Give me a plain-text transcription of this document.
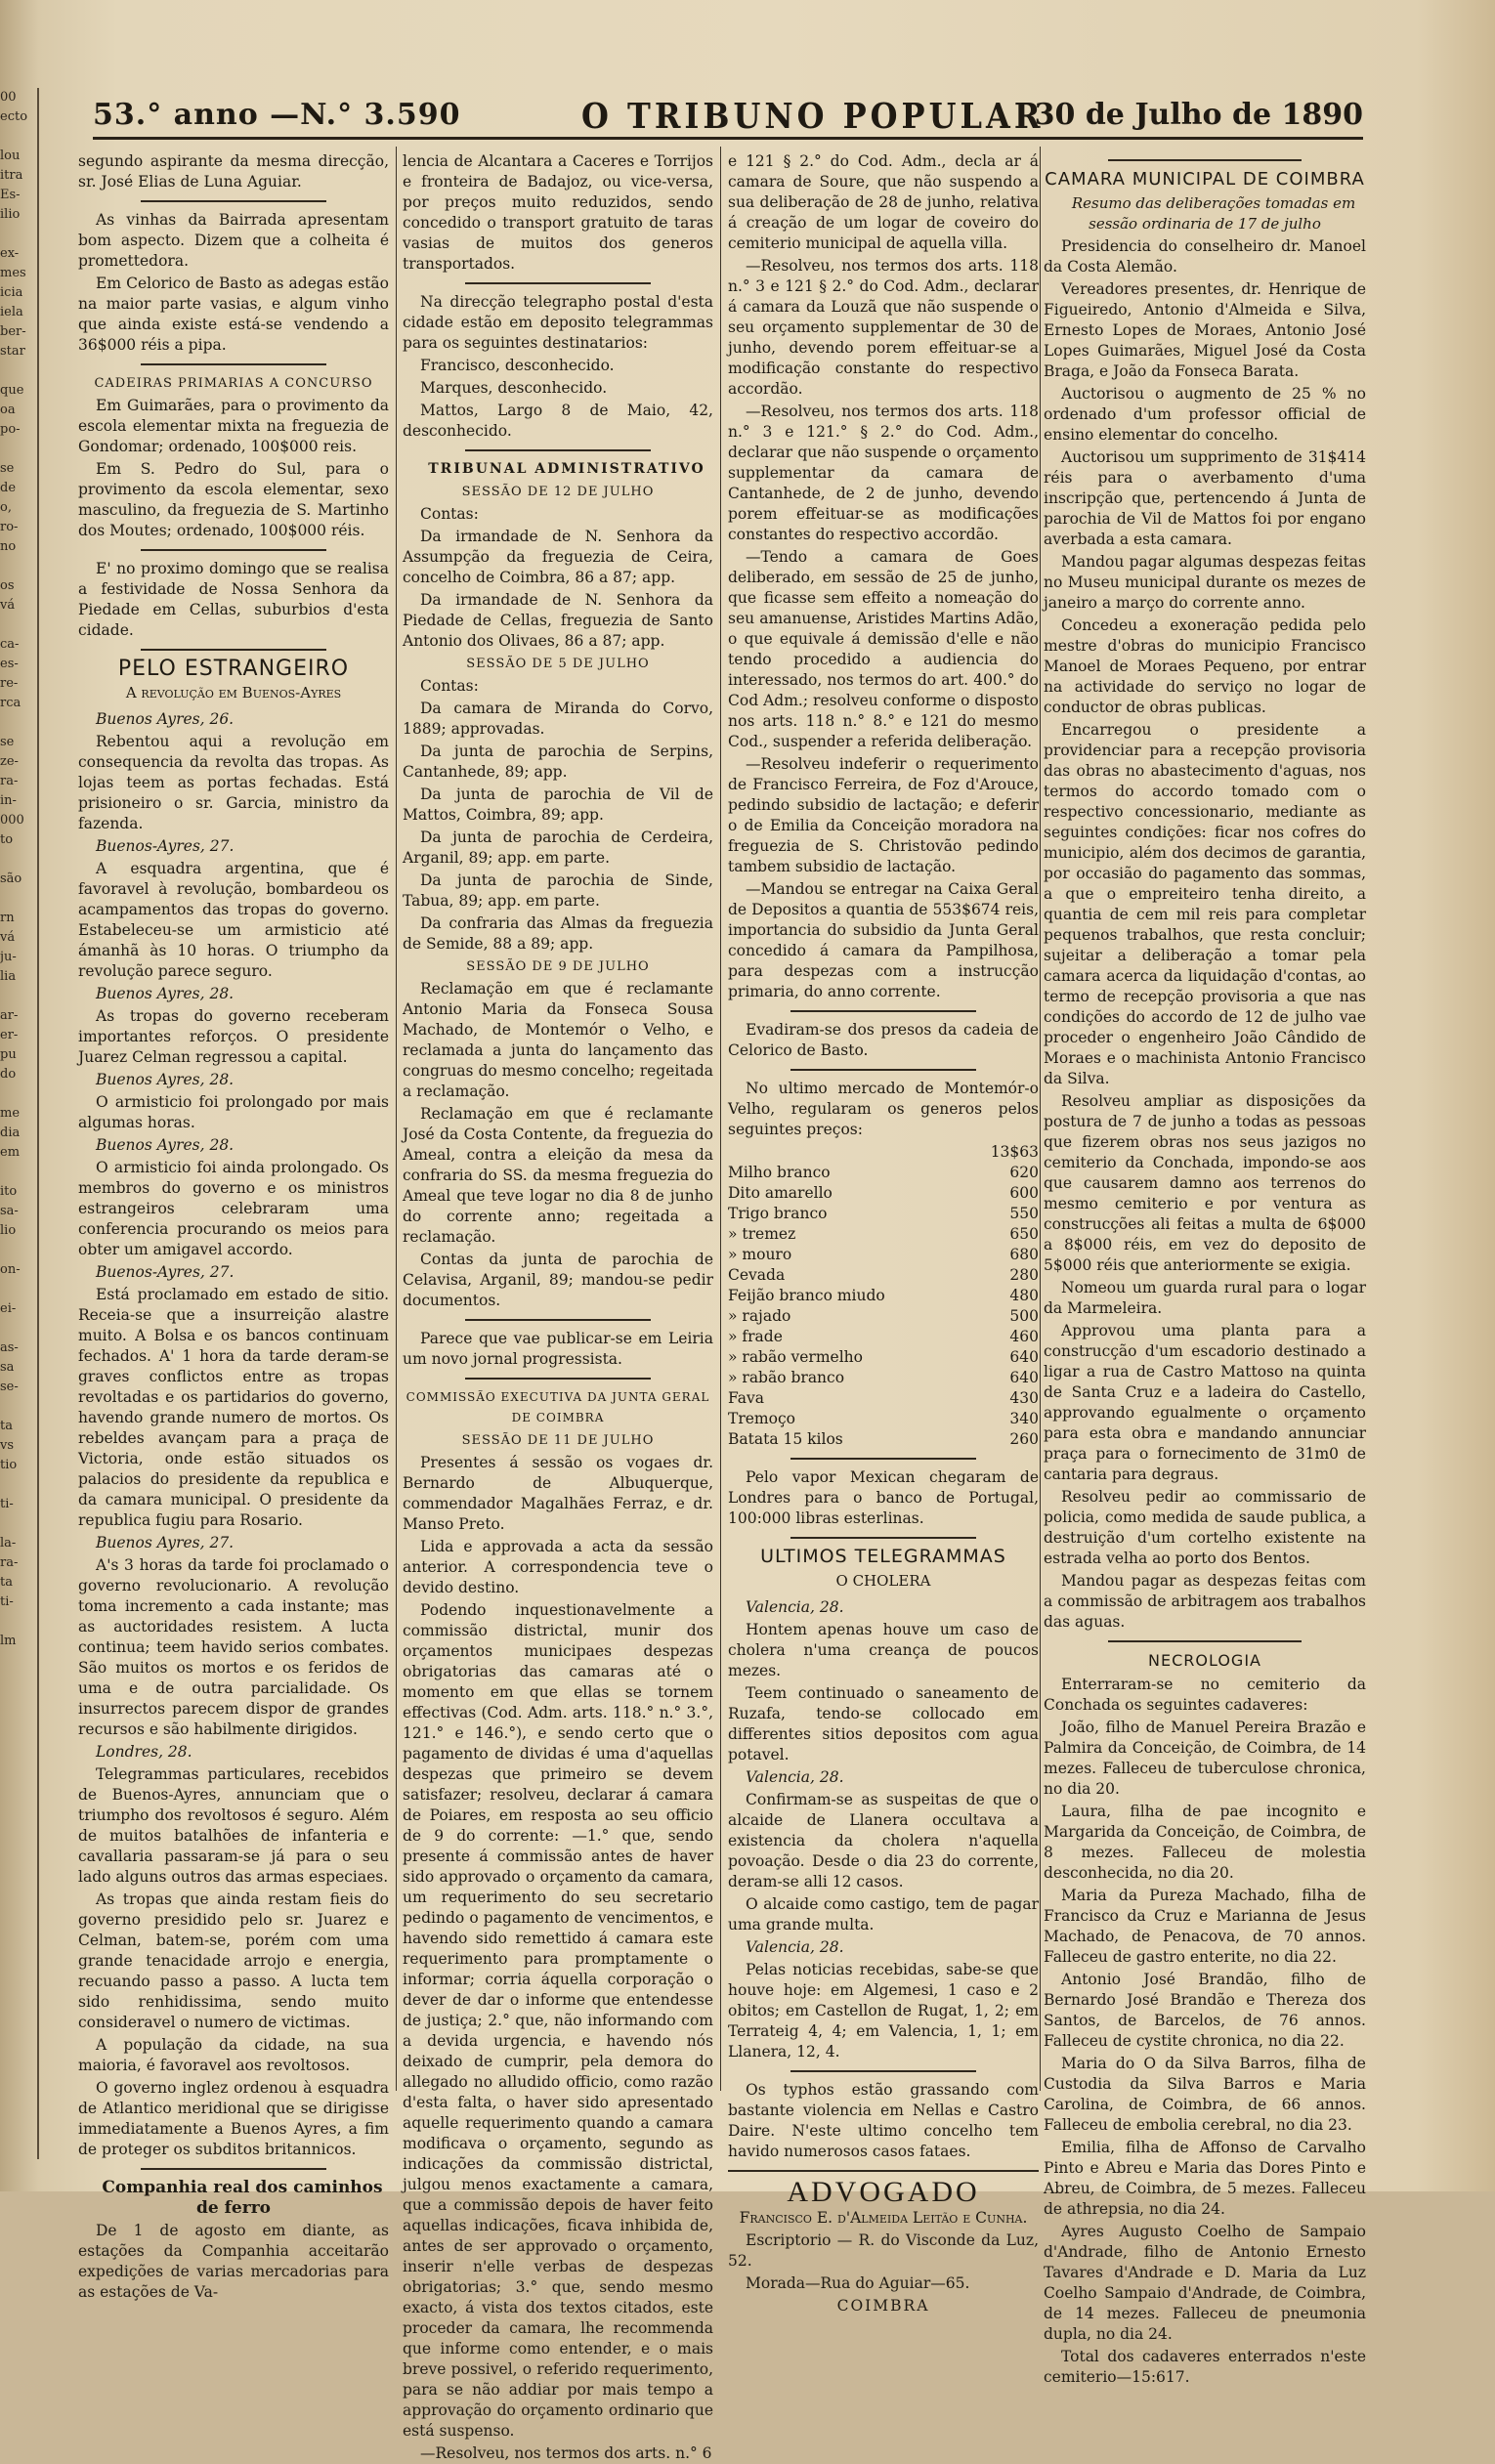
00
ecto

lou
itra
Es-
ilio

ex-
mes
icia
iela
ber-
star

que
oa
po-

se
de
o,
ro-
no

os
vá

ca-
es-
re-
rca

se
ze-
ra-
in-
000
to

são

rn
vá
ju-
lia

ar-
er-
pu
do

me
dia
em

ito
sa-
lio

on-

ei-

as-
sa
se-

ta
vs
tio

ti-

la-
ra-
ta
ti-

lm
53.° anno —N.° 3.590	O TRIBUNO POPULAR
30 de Julho de 1890

segundo aspirante da mesma direcção, sr. José Elias de Luna Aguiar.

As vinhas da Bairrada apresentam bom aspecto. Dizem que a colheita é promettedora.

Em Celorico de Basto as adegas estão na maior parte vasias, e algum vinho que ainda existe está-se vendendo a 36$000 réis a pipa.

CADEIRAS PRIMARIAS A CONCURSO

Em Guimarães, para o provimento da escola elementar mixta na freguezia de Gondomar; ordenado, 100$000 reis.

Em S. Pedro do Sul, para o provimento da escola elementar, sexo masculino, da freguezia de S. Martinho dos Moutes; ordenado, 100$000 réis.

E' no proximo domingo que se realisa a festividade de Nossa Senhora da Piedade em Cellas, suburbios d'esta cidade.

PELO ESTRANGEIRO
A revolução em Buenos-Ayres

Buenos Ayres, 26.

Rebentou aqui a revolução em consequencia da revolta das tropas. As lojas teem as portas fechadas. Está prisioneiro o sr. Garcia, ministro da fazenda.

Buenos-Ayres, 27.

A esquadra argentina, que é favoravel à revolução, bombardeou os acampamentos das tropas do governo. Estabeleceu-se um armisticio até ámanhã às 10 horas. O triumpho da revolução parece seguro.

Buenos Ayres, 28.

As tropas do governo receberam importantes reforços. O presidente Juarez Celman regressou a capital.

Buenos Ayres, 28.

O armisticio foi prolongado por mais algumas horas.

Buenos Ayres, 28.

O armisticio foi ainda prolongado. Os membros do governo e os ministros estrangeiros celebraram uma conferencia procurando os meios para obter um amigavel accordo.

Buenos-Ayres, 27.

Está proclamado em estado de sitio. Receia-se que a insurreição alastre muito. A Bolsa e os bancos continuam fechados. A' 1 hora da tarde deram-se graves conflictos entre as tropas revoltadas e os partidarios do governo, havendo grande numero de mortos. Os rebeldes avançam para a praça de Victoria, onde estão situados os palacios do presidente da republica e da camara municipal. O presidente da republica fugiu para Rosario.

Buenos Ayres, 27.

A's 3 horas da tarde foi proclamado o governo revolucionario. A revolução toma incremento a cada instante; mas as auctoridades resistem. A lucta continua; teem havido serios combates. São muitos os mortos e os feridos de uma e de outra parcialidade. Os insurrectos parecem dispor de grandes recursos e são habilmente dirigidos.

Londres, 28.

Telegrammas particulares, recebidos de Buenos-Ayres, annunciam que o triumpho dos revoltosos é seguro. Além de muitos batalhões de infanteria e cavallaria passaram-se já para o seu lado alguns outros das armas especiaes.

As tropas que ainda restam fieis do governo presidido pelo sr. Juarez e Celman, batem-se, porém com uma grande tenacidade arrojo e energia, recuando passo a passo. A lucta tem sido renhidissima, sendo muito consideravel o numero de victimas.

A população da cidade, na sua maioria, é favoravel aos revoltosos.

O governo inglez ordenou à esquadra de Atlantico meridional que se dirigisse immediatamente a Buenos Ayres, a fim de proteger os subditos britannicos.

Companhia real dos caminhos de ferro

De 1 de agosto em diante, as estações da Companhia acceitarão expedições de varias mercadorias para as estações de Va-

lencia de Alcantara a Caceres e Torrijos e fronteira de Badajoz, ou vice-versa, por preços muito reduzidos, sendo concedido o transport gratuito de taras vasias de muitos dos generos transportados.

Na direcção telegrapho postal d'esta cidade estão em deposito telegrammas para os seguintes destinatarios:

Francisco, desconhecido.

Marques, desconhecido.

Mattos, Largo 8 de Maio, 42, desconhecido.

TRIBUNAL ADMINISTRATIVO

SESSÃO DE 12 DE JULHO

Contas:

Da irmandade de N. Senhora da Assumpção da freguezia de Ceira, concelho de Coimbra, 86 a 87; app.

Da irmandade de N. Senhora da Piedade de Cellas, freguezia de Santo Antonio dos Olivaes, 86 a 87; app.

SESSÃO DE 5 DE JULHO

Contas:

Da camara de Miranda do Corvo, 1889; approvadas.

Da junta de parochia de Serpins, Cantanhede, 89; app.

Da junta de parochia de Vil de Mattos, Coimbra, 89; app.

Da junta de parochia de Cerdeira, Arganil, 89; app. em parte.

Da junta de parochia de Sinde, Tabua, 89; app. em parte.

Da confraria das Almas da freguezia de Semide, 88 a 89; app.

SESSÃO DE 9 DE JULHO

Reclamação em que é reclamante Antonio Maria da Fonseca Sousa Machado, de Montemór o Velho, e reclamada a junta do lançamento das congruas do mesmo concelho; regeitada a reclamação.

Reclamação em que é reclamante José da Costa Contente, da freguezia do Ameal, contra a eleição da mesa da confraria do SS. da mesma freguezia do Ameal que teve logar no dia 8 de junho do corrente anno; regeitada a reclamação.

Contas da junta de parochia de Celavisa, Arganil, 89; mandou-se pedir documentos.

Parece que vae publicar-se em Leiria um novo jornal progressista.

COMMISSÃO EXECUTIVA DA JUNTA GERAL DE COIMBRA

SESSÃO DE 11 DE JULHO

Presentes á sessão os vogaes dr. Bernardo de Albuquerque, commendador Magalhães Ferraz, e dr. Manso Preto.

Lida e approvada a acta da sessão anterior. A correspondencia teve o devido destino.

Podendo inquestionavelmente a commissão districtal, munir dos orçamentos municipaes despezas obrigatorias das camaras até o momento em que ellas se tornem effectivas (Cod. Adm. arts. 118.° n.° 3.°, 121.° e 146.°), e sendo certo que o pagamento de dividas é uma d'aquellas despezas que primeiro se devem satisfazer; resolveu, declarar á camara de Poiares, em resposta ao seu officio de 9 do corrente: —1.° que, sendo presente á commissão antes de haver sido approvado o orçamento da camara, um requerimento do seu secretario pedindo o pagamento de vencimentos, e havendo sido remettido á camara este requerimento para promptamente o informar; corria áquella corporação o dever de dar o informe que entendesse de justiça; 2.° que, não informando com a devida urgencia, e havendo nós deixado de cumprir, pela demora do allegado no alludido officio, como razão d'esta falta, o haver sido apresentado aquelle requerimento quando a camara modificava o orçamento, segundo as indicações da commissão districtal, julgou menos exactamente a camara, que a commissão depois de haver feito aquellas indicações, ficava inhibida de, antes de ser approvado o orçamento, inserir n'elle verbas de despezas obrigatorias; 3.° que, sendo mesmo exacto, á vista dos textos citados, este proceder da camara, lhe recommenda que informe como entender, e o mais breve possivel, o referido requerimento, para se não addiar por mais tempo a approvação do orçamento ordinario que está suspenso.

—Resolveu, nos termos dos arts. n.° 6

e 121 § 2.° do Cod. Adm., decla ar á camara de Soure, que não suspendo a sua deliberação de 28 de junho, relativa á creação de um logar de coveiro do cemiterio municipal de aquella villa.

—Resolveu, nos termos dos arts. 118 n.° 3 e 121 § 2.° do Cod. Adm., declarar á camara da Louzã que não suspende o seu orçamento supplementar de 30 de junho, devendo porem effeituar-se a modificação constante do respectivo accordão.

—Resolveu, nos termos dos arts. 118 n.° 3 e 121.° § 2.° do Cod. Adm., declarar que não suspende o orçamento supplementar da camara de Cantanhede, de 2 de junho, devendo porem effeituar-se as modificações constantes do respectivo accordão.

—Tendo a camara de Goes deliberado, em sessão de 25 de junho, que ficasse sem effeito a nomeação do seu amanuense, Aristides Martins Adão, o que equivale á demissão d'elle e não tendo procedido a audiencia do interessado, nos termos do art. 400.° do Cod Adm.; resolveu conforme o disposto nos arts. 118 n.° 8.° e 121 do mesmo Cod., suspender a referida deliberação.

—Resolveu indeferir o requerimento de Francisco Ferreira, de Foz d'Arouce, pedindo subsidio de lactação; e deferir o de Emilia da Conceição moradora na freguezia de S. Christovão pedindo tambem subsidio de lactação.

—Mandou se entregar na Caixa Geral de Depositos a quantia de 553$674 reis, importancia do subsidio da Junta Geral concedido á camara da Pampilhosa, para despezas com a instrucção primaria, do anno corrente.

Evadiram-se dos presos da cadeia de Celorico de Basto.

No ultimo mercado de Montemór-o Velho, regularam os generos pelos seguintes preços:

	13$63
Milho branco	620
Dito amarello	600
Trigo branco	550
» tremez	650
» mouro	680
Cevada	280
Feijão branco miudo	480
» rajado	500
» frade	460
» rabão vermelho	640
» rabão branco	640
Fava	430
Tremoço	340
Batata 15 kilos	260

Pelo vapor Mexican chegaram de Londres para o banco de Portugal, 100:000 libras esterlinas.

ULTIMOS TELEGRAMMAS
O CHOLERA

Valencia, 28.

Hontem apenas houve um caso de cholera n'uma creança de poucos mezes.

Teem continuado o saneamento de Ruzafa, tendo-se collocado em differentes sitios depositos com agua potavel.

Valencia, 28.

Confirmam-se as suspeitas de que o alcaide de Llanera occultava a existencia da cholera n'aquella povoação. Desde o dia 23 do corrente, deram-se alli 12 casos.

O alcaide como castigo, tem de pagar uma grande multa.

Valencia, 28.

Pelas noticias recebidas, sabe-se que houve hoje: em Algemesi, 1 caso e 2 obitos; em Castellon de Rugat, 1, 2; em Terrateig 4, 4; em Valencia, 1, 1; em Llanera, 12, 4.

Os typhos estão grassando com bastante violencia em Nellas e Castro Daire. N'este ultimo concelho tem havido numerosos casos fataes.

ADVOGADO

Francisco E. d'Almeida Leitão e Cunha.

Escriptorio — R. do Visconde da Luz, 52.

Morada—Rua do Aguiar—65.

COIMBRA

CAMARA MUNICIPAL DE COIMBRA

Resumo das deliberações tomadas em sessão ordinaria de 17 de julho

Presidencia do conselheiro dr. Manoel da Costa Alemão.

Vereadores presentes, dr. Henrique de Figueiredo, Antonio d'Almeida e Silva, Ernesto Lopes de Moraes, Antonio José Lopes Guimarães, Miguel José da Costa Braga, e João da Fonseca Barata.

Auctorisou o augmento de 25 % no ordenado d'um professor official de ensino elementar do concelho.

Auctorisou um supprimento de 31$414 réis para o averbamento d'uma inscripção que, pertencendo á Junta de parochia de Vil de Mattos foi por engano averbada a esta camara.

Mandou pagar algumas despezas feitas no Museu municipal durante os mezes de janeiro a março do corrente anno.

Concedeu a exoneração pedida pelo mestre d'obras do municipio Francisco Manoel de Moraes Pequeno, por entrar na actividade do serviço no logar de conductor de obras publicas.

Encarregou o presidente a providenciar para a recepção provisoria das obras no abastecimento d'aguas, nos termos do accordo tomado com o respectivo concessionario, mediante as seguintes condições: ficar nos cofres do municipio, além dos decimos de garantia, por occasião do pagamento das sommas, a que o empreiteiro tenha direito, a quantia de cem mil reis para completar pequenos trabalhos, que resta concluir; sujeitar a deliberação a tomar pela camara acerca da liquidação d'contas, ao termo de recepção provisoria a que nas condições do accordo de 12 de julho vae proceder o engenheiro João Cândido de Moraes e o machinista Antonio Francisco da Silva.

Resolveu ampliar as disposições da postura de 7 de junho a todas as pessoas que fizerem obras nos seus jazigos no cemiterio da Conchada, impondo-se aos que causarem damno aos terrenos do mesmo cemiterio e por ventura as construcções ali feitas a multa de 6$000 a 8$000 réis, em vez do deposito de 5$000 réis que anteriormente se exigia.

Nomeou um guarda rural para o logar da Marmeleira.

Approvou uma planta para a construcção d'um escadorio destinado a ligar a rua de Castro Mattoso na quinta de Santa Cruz e a ladeira do Castello, approvando egualmente o orçamento para esta obra e mandando annunciar praça para o fornecimento de 31m0 de cantaria para degraus.

Resolveu pedir ao commissario de policia, como medida de saude publica, a destruição d'um cortelho existente na estrada velha ao porto dos Bentos.

Mandou pagar as despezas feitas com a commissão de arbitragem aos trabalhos das aguas.

NECROLOGIA

Enterraram-se no cemiterio da Conchada os seguintes cadaveres:

João, filho de Manuel Pereira Brazão e Palmira da Conceição, de Coimbra, de 14 mezes. Falleceu de tuberculose chronica, no dia 20.

Laura, filha de pae incognito e Margarida da Conceição, de Coimbra, de 8 mezes. Falleceu de molestia desconhecida, no dia 20.

Maria da Pureza Machado, filha de Francisco da Cruz e Marianna de Jesus Machado, de Penacova, de 70 annos. Falleceu de gastro enterite, no dia 22.

Antonio José Brandão, filho de Bernardo José Brandão e Thereza dos Santos, de Barcelos, de 76 annos. Falleceu de cystite chronica, no dia 22.

Maria do O da Silva Barros, filha de Custodia da Silva Barros e Maria Carolina, de Coimbra, de 66 annos. Falleceu de embolia cerebral, no dia 23.

Emilia, filha de Affonso de Carvalho Pinto e Abreu e Maria das Dores Pinto e Abreu, de Coimbra, de 5 mezes. Falleceu de athrepsia, no dia 24.

Ayres Augusto Coelho de Sampaio d'Andrade, filho de Antonio Ernesto Tavares d'Andrade e D. Maria da Luz Coelho Sampaio d'Andrade, de Coimbra, de 14 mezes. Falleceu de pneumonia dupla, no dia 24.

Total dos cadaveres enterrados n'este cemiterio—15:617.
